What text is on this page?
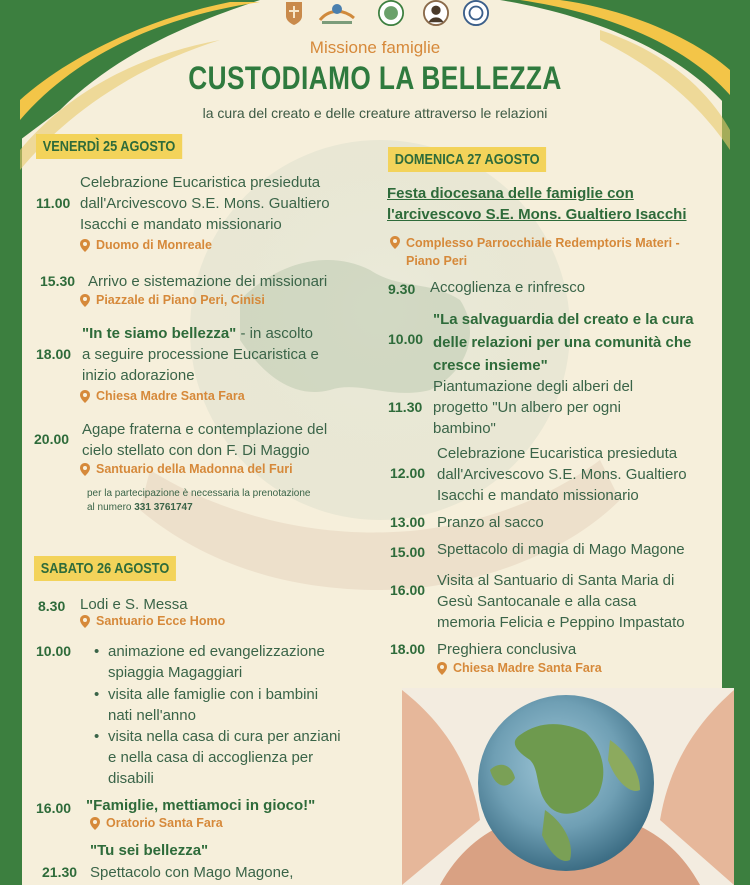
Missione famiglie
CUSTODIAMO LA BELLEZZA
la cura del creato e delle creature attraverso le relazioni
VENERDÌ 25 AGOSTO
11.00
Celebrazione Eucaristica presieduta
dall'Arcivescovo S.E. Mons. Gualtiero
Isacchi e mandato missionario
Duomo di Monreale
15.30 Arrivo e sistemazione dei missionari
Piazzale di Piano Peri, Cinisi
18.00
"In te siamo bellezza" - in ascolto
a seguire processione Eucaristica e
inizio adorazione
Chiesa Madre Santa Fara
20.00
Agape fraterna e contemplazione del
cielo stellato con don F. Di Maggio
Santuario della Madonna del Furi
per la partecipazione è necessaria la prenotazione
al numero 331 3761747
SABATO 26 AGOSTO
8.30 Lodi e S. Messa
Santuario Ecce Homo
10.00
• animazione ed evangelizzazione
spiaggia Magaggiari
• visita alle famiglie con i bambini
nati nell'anno
• visita nella casa di cura per anziani
e nella casa di accoglienza per
disabili
16.00 "Famiglie, mettiamoci in gioco!"
Oratorio Santa Fara
"Tu sei bellezza"
21.30 Spettacolo con Mago Magone,
DOMENICA 27 AGOSTO
Festa diocesana delle famiglie con
l'arcivescovo S.E. Mons. Gualtiero Isacchi
Complesso Parrocchiale Redemptoris Materi -
Piano Peri
9.30 Accoglienza e rinfresco
10.00
"La salvaguardia del creato e la cura
delle relazioni per una comunità che
cresce insieme"
11.30
Piantumazione degli alberi del
progetto "Un albero per ogni
bambino"
12.00
Celebrazione Eucaristica presieduta
dall'Arcivescovo S.E. Mons. Gualtiero
Isacchi e mandato missionario
13.00 Pranzo al sacco
15.00 Spettacolo di magia di Mago Magone
16.00
Visita al Santuario di Santa Maria di
Gesù Santocanale e alla casa
memoria Felicia e Peppino Impastato
18.00 Preghiera conclusiva
Chiesa Madre Santa Fara
